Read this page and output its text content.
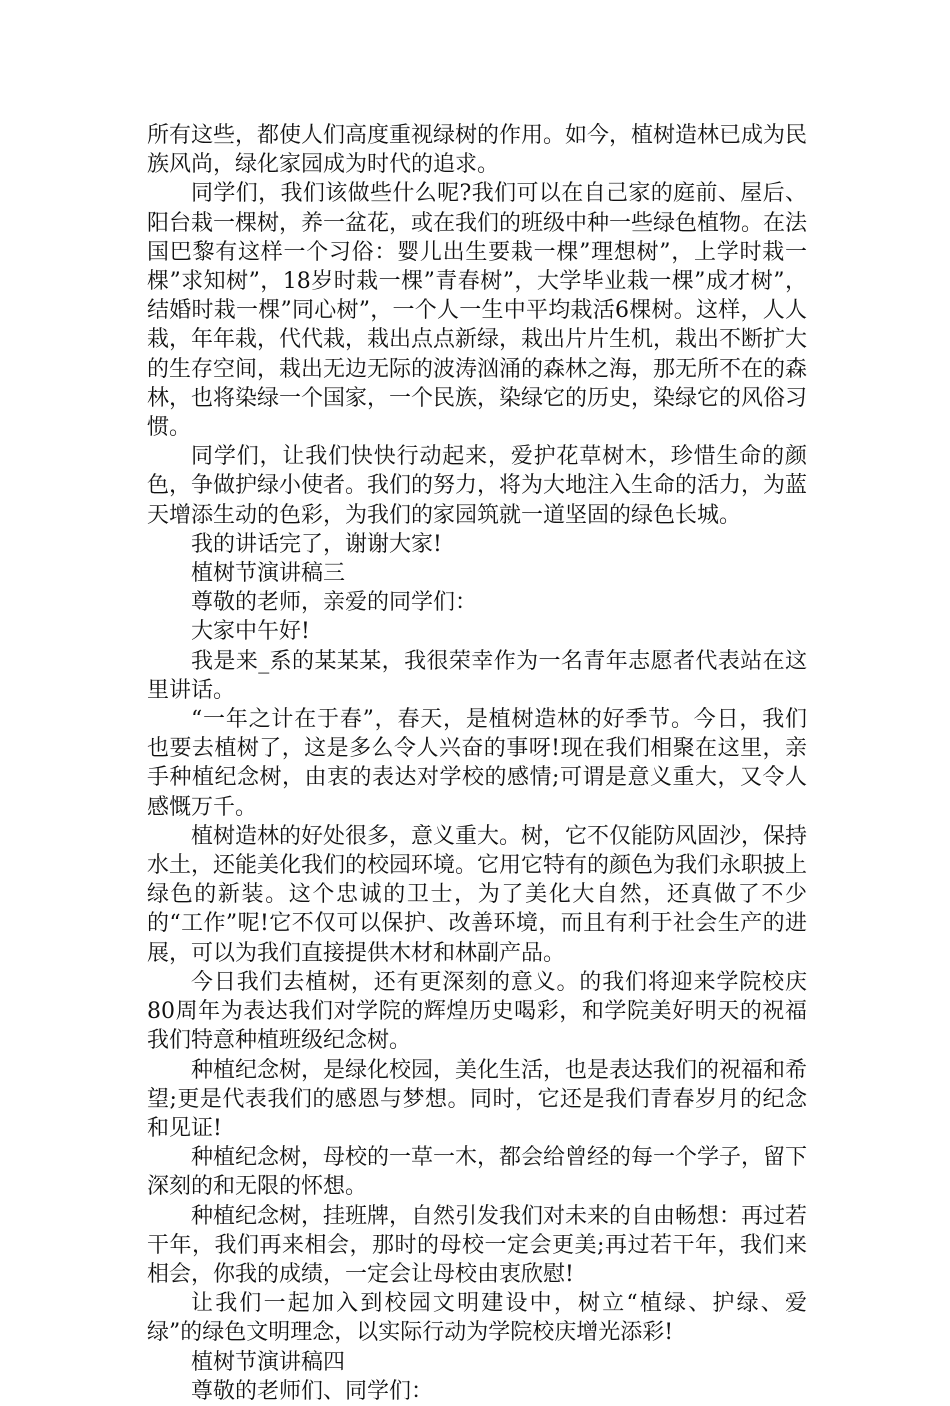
所有这些，都使人们高度重视绿树的作用。如今，植树造林已成为民族风尚，绿化家园成为时代的追求。

同学们，我们该做些什么呢?我们可以在自己家的庭前、屋后、阳台栽一棵树，养一盆花，或在我们的班级中种一些绿色植物。在法国巴黎有这样一个习俗：婴儿出生要栽一棵”理想树”，上学时栽一棵”求知树”，18岁时栽一棵”青春树”，大学毕业栽一棵”成才树”，结婚时栽一棵”同心树”，一个人一生中平均栽活6棵树。这样，人人栽，年年栽，代代栽，栽出点点新绿，栽出片片生机，栽出不断扩大的生存空间，栽出无边无际的波涛汹涌的森林之海，那无所不在的森林，也将染绿一个国家，一个民族，染绿它的历史，染绿它的风俗习惯。

同学们，让我们快快行动起来，爱护花草树木，珍惜生命的颜色，争做护绿小使者。我们的努力，将为大地注入生命的活力，为蓝天增添生动的色彩，为我们的家园筑就一道坚固的绿色长城。

我的讲话完了，谢谢大家!

植树节演讲稿三

尊敬的老师，亲爱的同学们：

大家中午好!

我是来_系的某某某，我很荣幸作为一名青年志愿者代表站在这里讲话。

“一年之计在于春”，春天，是植树造林的好季节。今日，我们也要去植树了，这是多么令人兴奋的事呀!现在我们相聚在这里，亲手种植纪念树，由衷的表达对学校的感情;可谓是意义重大，又令人感慨万千。

植树造林的好处很多，意义重大。树，它不仅能防风固沙，保持水土，还能美化我们的校园环境。它用它特有的颜色为我们永职披上绿色的新装。这个忠诚的卫士，为了美化大自然，还真做了不少的“工作”呢!它不仅可以保护、改善环境，而且有利于社会生产的进展，可以为我们直接提供木材和林副产品。

今日我们去植树，还有更深刻的意义。的我们将迎来学院校庆80周年为表达我们对学院的辉煌历史喝彩，和学院美好明天的祝福我们特意种植班级纪念树。

种植纪念树，是绿化校园，美化生活，也是表达我们的祝福和希望;更是代表我们的感恩与梦想。同时，它还是我们青春岁月的纪念和见证!

种植纪念树，母校的一草一木，都会给曾经的每一个学子，留下深刻的和无限的怀想。

种植纪念树，挂班牌，自然引发我们对未来的自由畅想：再过若干年，我们再来相会，那时的母校一定会更美;再过若干年，我们来相会，你我的成绩，一定会让母校由衷欣慰!

让我们一起加入到校园文明建设中，树立“植绿、护绿、爱绿”的绿色文明理念，以实际行动为学院校庆增光添彩!

植树节演讲稿四

尊敬的老师们、同学们：
